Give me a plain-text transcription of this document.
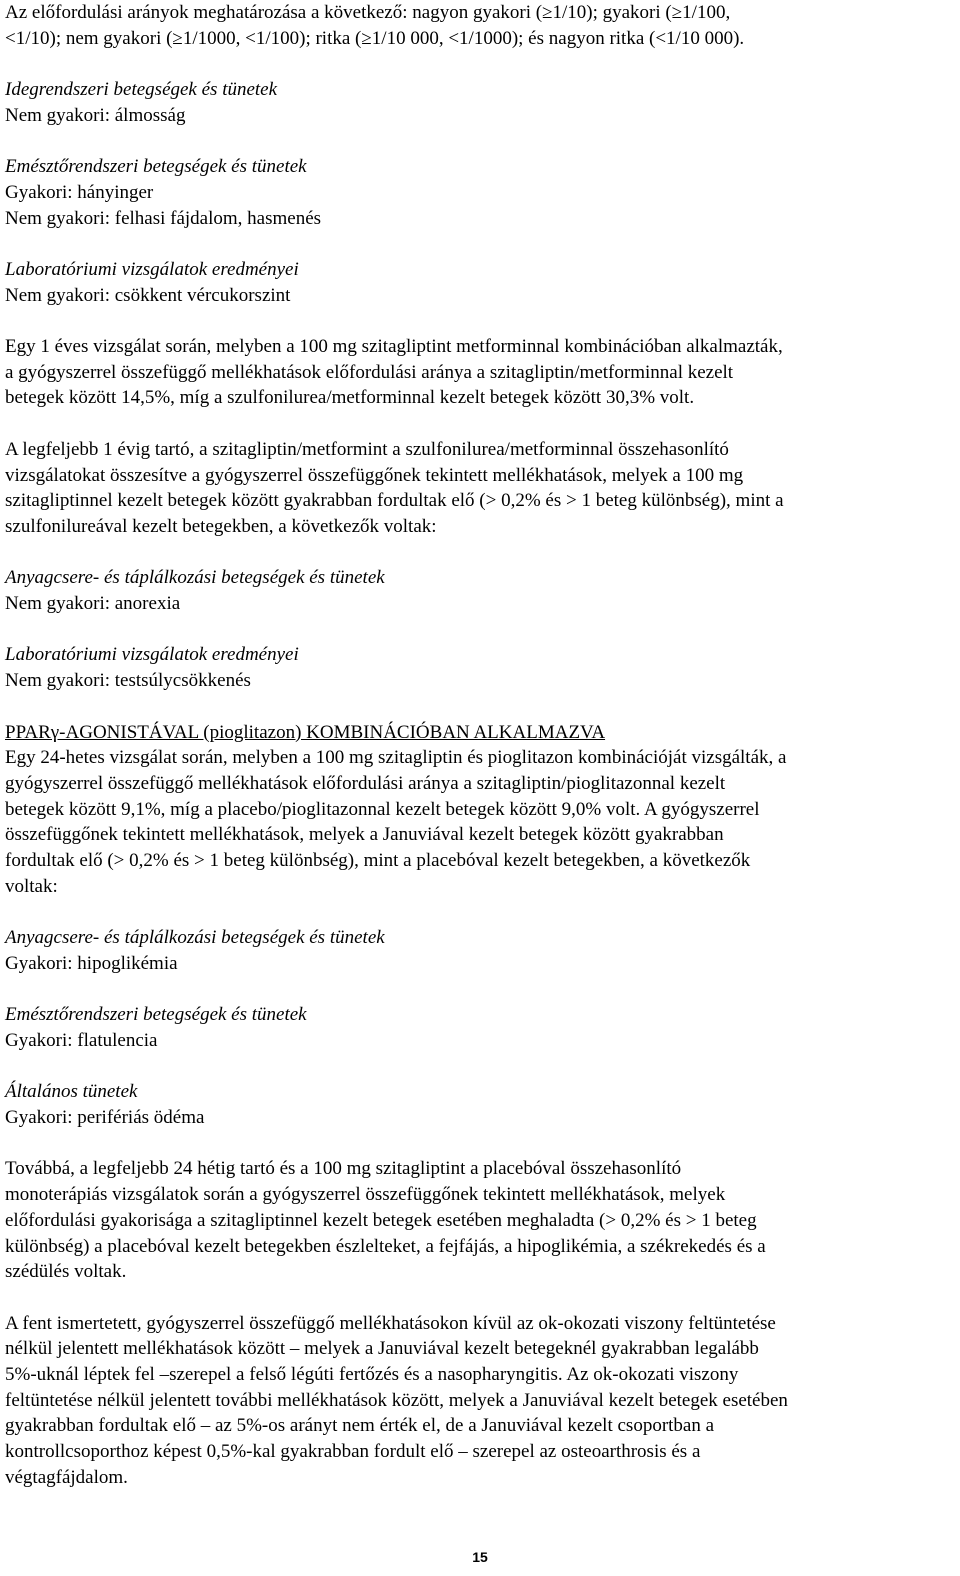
Az előfordulási arányok meghatározása a következő: nagyon gyakori (≥1/10); gyakori (≥1/100,
<1/10); nem gyakori (≥1/1000, <1/100); ritka (≥1/10 000, <1/1000); és nagyon ritka (<1/10 000).

Idegrendszeri betegségek és tünetek
Nem gyakori: álmosság

Emésztőrendszeri betegségek és tünetek
Gyakori: hányinger
Nem gyakori: felhasi fájdalom, hasmenés

Laboratóriumi vizsgálatok eredményei
Nem gyakori: csökkent vércukorszint

Egy 1 éves vizsgálat során, melyben a 100 mg szitagliptint metforminnal kombinációban alkalmazták,
a gyógyszerrel összefüggő mellékhatások előfordulási aránya a szitagliptin/metforminnal kezelt
betegek között 14,5%, míg a szulfonilurea/metforminnal kezelt betegek között 30,3% volt.

A legfeljebb 1 évig tartó, a szitagliptin/metformint a szulfonilurea/metforminnal összehasonlító
vizsgálatokat összesítve a gyógyszerrel összefüggőnek tekintett mellékhatások, melyek a 100 mg
szitagliptinnel kezelt betegek között gyakrabban fordultak elő (> 0,2% és > 1 beteg különbség), mint a
szulfonilureával kezelt betegekben, a következők voltak:

Anyagcsere- és táplálkozási betegségek és tünetek
Nem gyakori: anorexia

Laboratóriumi vizsgálatok eredményei
Nem gyakori: testsúlycsökkenés

PPARγ-AGONISTÁVAL (pioglitazon) KOMBINÁCIÓBAN ALKALMAZVA
Egy 24-hetes vizsgálat során, melyben a 100 mg szitagliptin és pioglitazon kombinációját vizsgálták, a
gyógyszerrel összefüggő mellékhatások előfordulási aránya a szitagliptin/pioglitazonnal kezelt
betegek között 9,1%, míg a placebo/pioglitazonnal kezelt betegek között 9,0% volt. A gyógyszerrel
összefüggőnek tekintett mellékhatások, melyek a Januviával kezelt betegek között gyakrabban
fordultak elő (> 0,2% és > 1 beteg különbség), mint a placebóval kezelt betegekben, a következők
voltak:

Anyagcsere- és táplálkozási betegségek és tünetek
Gyakori: hipoglikémia

Emésztőrendszeri betegségek és tünetek
Gyakori: flatulencia

Általános tünetek
Gyakori: perifériás ödéma

Továbbá, a legfeljebb 24 hétig tartó és a 100 mg szitagliptint a placebóval összehasonlító
monoterápiás vizsgálatok során a gyógyszerrel összefüggőnek tekintett mellékhatások, melyek
előfordulási gyakorisága a szitagliptinnel kezelt betegek esetében meghaladta (> 0,2% és > 1 beteg
különbség) a placebóval kezelt betegekben észlelteket, a fejfájás, a hipoglikémia, a székrekedés és a
szédülés voltak.

A fent ismertetett, gyógyszerrel összefüggő mellékhatásokon kívül az ok-okozati viszony feltüntetése
nélkül jelentett mellékhatások között – melyek a Januviával kezelt betegeknél gyakrabban legalább
5%-uknál léptek fel –szerepel a felső légúti fertőzés és a nasopharyngitis. Az ok-okozati viszony
feltüntetése nélkül jelentett további mellékhatások között, melyek a Januviával kezelt betegek esetében
gyakrabban fordultak elő – az 5%-os arányt nem érték el, de a Januviával kezelt csoportban a
kontrollcsoporthoz képest 0,5%-kal gyakrabban fordult elő – szerepel az osteoarthrosis és a
végtagfájdalom.

15
